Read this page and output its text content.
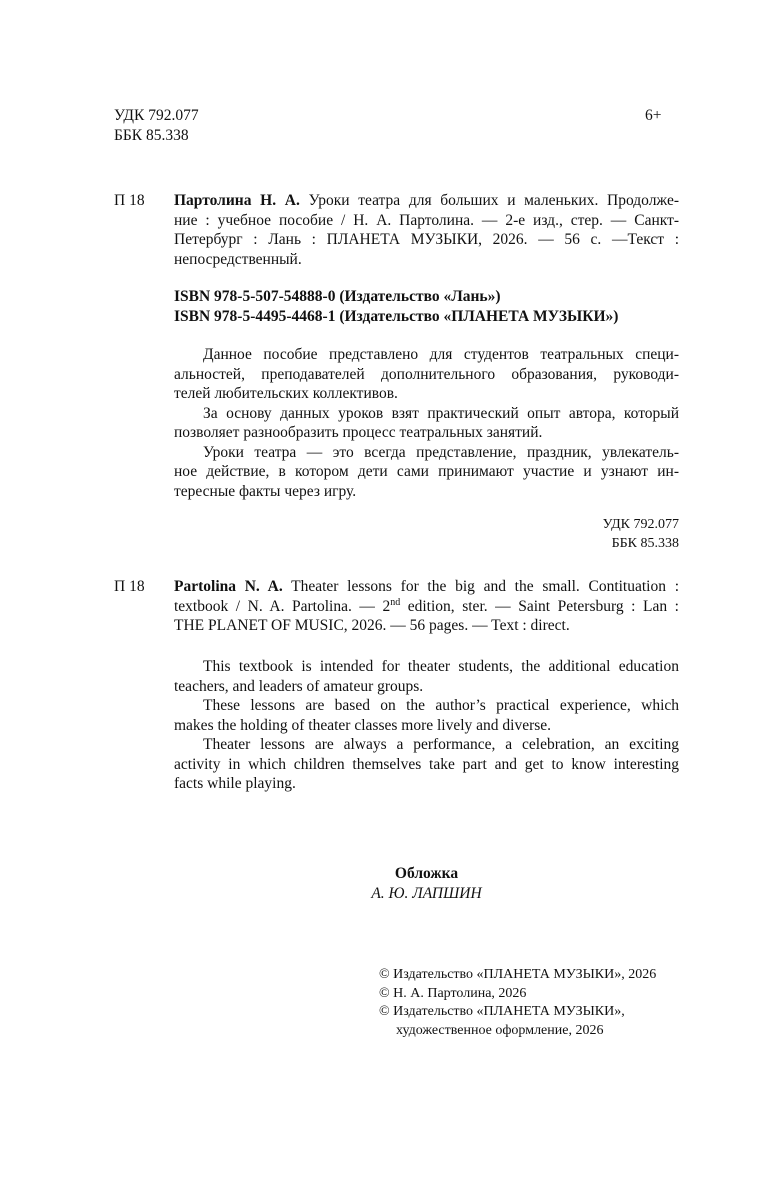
УДК 792.077
ББК 85.338
6+
П 18 Партолина Н. А. Уроки театра для больших и маленьких. Продолже-

ние : учебное пособие / Н. А. Партолина. — 2-е изд., стер. — Санкт-

Петербург : Лань : ПЛАНЕТА МУЗЫКИ, 2026. — 56 с. —Текст :

непосредственный.

ISBN 978-5-507-54888-0 (Издательство «Лань»)
ISBN 978-5-4495-4468-1 (Издательство «ПЛАНЕТА МУЗЫКИ»)

Данное пособие представлено для студентов театральных специ-

альностей, преподавателей дополнительного образования, руководи-

телей любительских коллективов.

За основу данных уроков взят практический опыт автора, который

позволяет разнообразить процесс театральных занятий.

Уроки театра — это всегда представление, праздник, увлекатель-

ное действие, в котором дети сами принимают участие и узнают ин-

тересные факты через игру.

УДК 792.077
ББК 85.338
П 18 Partolina N. A. Theater lessons for the big and the small. Contituation :

textbook / N. A. Partolina. — 2nd edition, ster. — Saint Petersburg : Lan :

THE PLANET OF MUSIC, 2026. — 56 pages. — Text : direct.

This textbook is intended for theater students, the additional education

teachers, and leaders of amateur groups.

These lessons are based on the author’s practical experience, which

makes the holding of theater classes more lively and diverse.

Theater lessons are always a performance, a celebration, an exciting

activity in which children themselves take part and get to know interesting

facts while playing.

Обложка
А. Ю. ЛАПШИН
© Издательство «ПЛАНЕТА МУЗЫКИ», 2026
© Н. А. Партолина, 2026
© Издательство «ПЛАНЕТА МУЗЫКИ»,
художественное оформление, 2026
